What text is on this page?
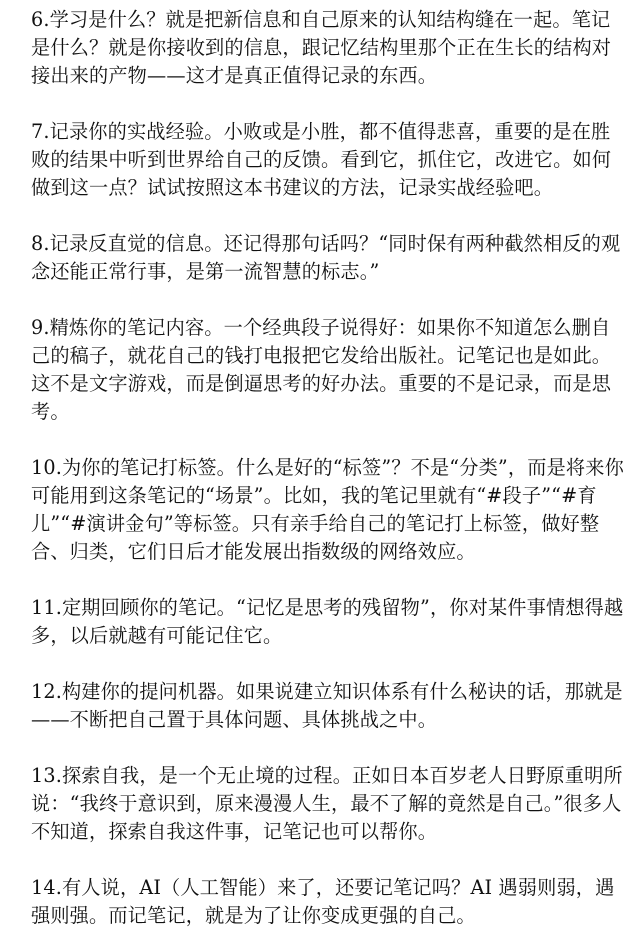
6.学习是什么？就是把新信息和自己原来的认知结构缝在一起。笔记是什么？就是你接收到的信息，跟记忆结构里那个正在生长的结构对接出来的产物——这才是真正值得记录的东西。

7.记录你的实战经验。小败或是小胜，都不值得悲喜，重要的是在胜败的结果中听到世界给自己的反馈。看到它，抓住它，改进它。如何做到这一点？试试按照这本书建议的方法，记录实战经验吧。

8.记录反直觉的信息。还记得那句话吗？“同时保有两种截然相反的观念还能正常行事，是第一流智慧的标志。”

9.精炼你的笔记内容。一个经典段子说得好：如果你不知道怎么删自己的稿子，就花自己的钱打电报把它发给出版社。记笔记也是如此。这不是文字游戏，而是倒逼思考的好办法。重要的不是记录，而是思考。

10.为你的笔记打标签。什么是好的“标签”？不是“分类”，而是将来你可能用到这条笔记的“场景”。比如，我的笔记里就有“#段子”“#育儿”“#演讲金句”等标签。只有亲手给自己的笔记打上标签，做好整合、归类，它们日后才能发展出指数级的网络效应。

11.定期回顾你的笔记。“记忆是思考的残留物”，你对某件事情想得越多，以后就越有可能记住它。

12.构建你的提问机器。如果说建立知识体系有什么秘诀的话，那就是——不断把自己置于具体问题、具体挑战之中。

13.探索自我，是一个无止境的过程。正如日本百岁老人日野原重明所说：“我终于意识到，原来漫漫人生，最不了解的竟然是自己。”很多人不知道，探索自我这件事，记笔记也可以帮你。

14.有人说，AI（人工智能）来了，还要记笔记吗？AI 遇弱则弱，遇强则强。而记笔记，就是为了让你变成更强的自己。
